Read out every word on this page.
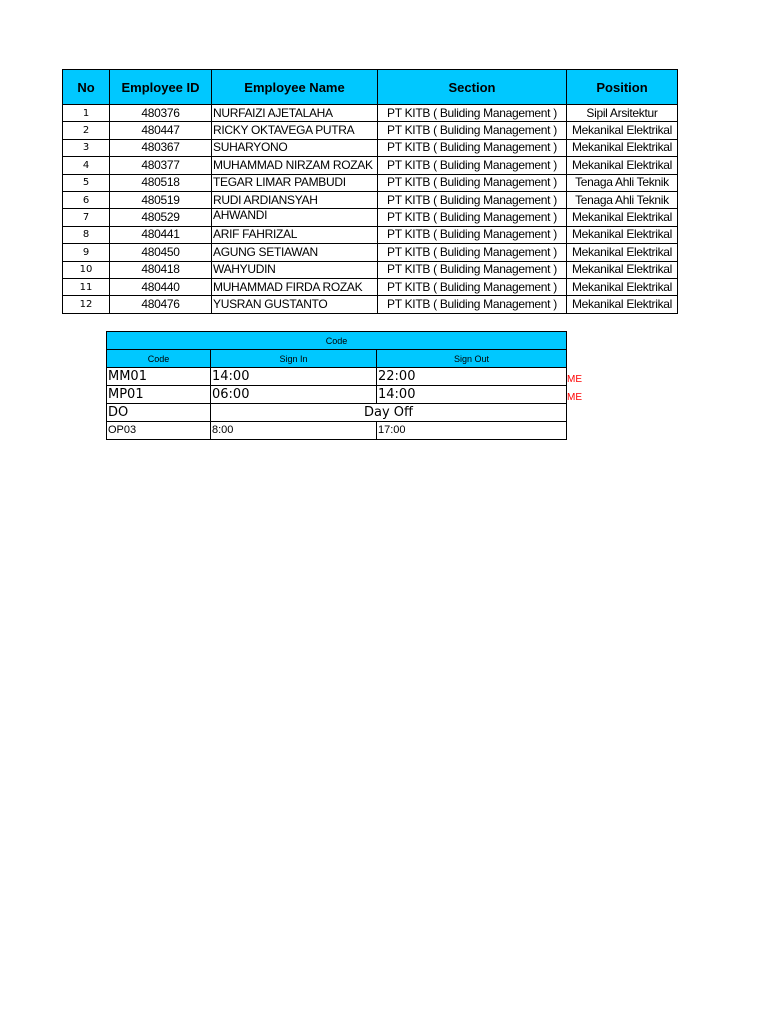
No	Employee ID	Employee Name	Section	Position
1	480376	NURFAIZI AJETALAHA	PT KITB ( Buliding Management )	Sipil Arsitektur
2	480447	RICKY OKTAVEGA PUTRA	PT KITB ( Buliding Management )	Mekanikal Elektrikal
3	480367	SUHARYONO	PT KITB ( Buliding Management )	Mekanikal Elektrikal
4	480377	MUHAMMAD NIRZAM ROZAK	PT KITB ( Buliding Management )	Mekanikal Elektrikal
5	480518	TEGAR LIMAR PAMBUDI	PT KITB ( Buliding Management )	Tenaga Ahli Teknik
6	480519	RUDI ARDIANSYAH	PT KITB ( Buliding Management )	Tenaga Ahli Teknik
7	480529	AHWANDI	PT KITB ( Buliding Management )	Mekanikal Elektrikal
8	480441	ARIF FAHRIZAL	PT KITB ( Buliding Management )	Mekanikal Elektrikal
9	480450	AGUNG SETIAWAN	PT KITB ( Buliding Management )	Mekanikal Elektrikal
10	480418	WAHYUDIN	PT KITB ( Buliding Management )	Mekanikal Elektrikal
11	480440	MUHAMMAD FIRDA ROZAK	PT KITB ( Buliding Management )	Mekanikal Elektrikal
12	480476	YUSRAN GUSTANTO	PT KITB ( Buliding Management )	Mekanikal Elektrikal
Code		
Code	Sign In	Sign Out
MM01	14:00	22:00
MP01	06:00	14:00
DO	Day Off	
OP03	8:00	17:00
ME
ME
